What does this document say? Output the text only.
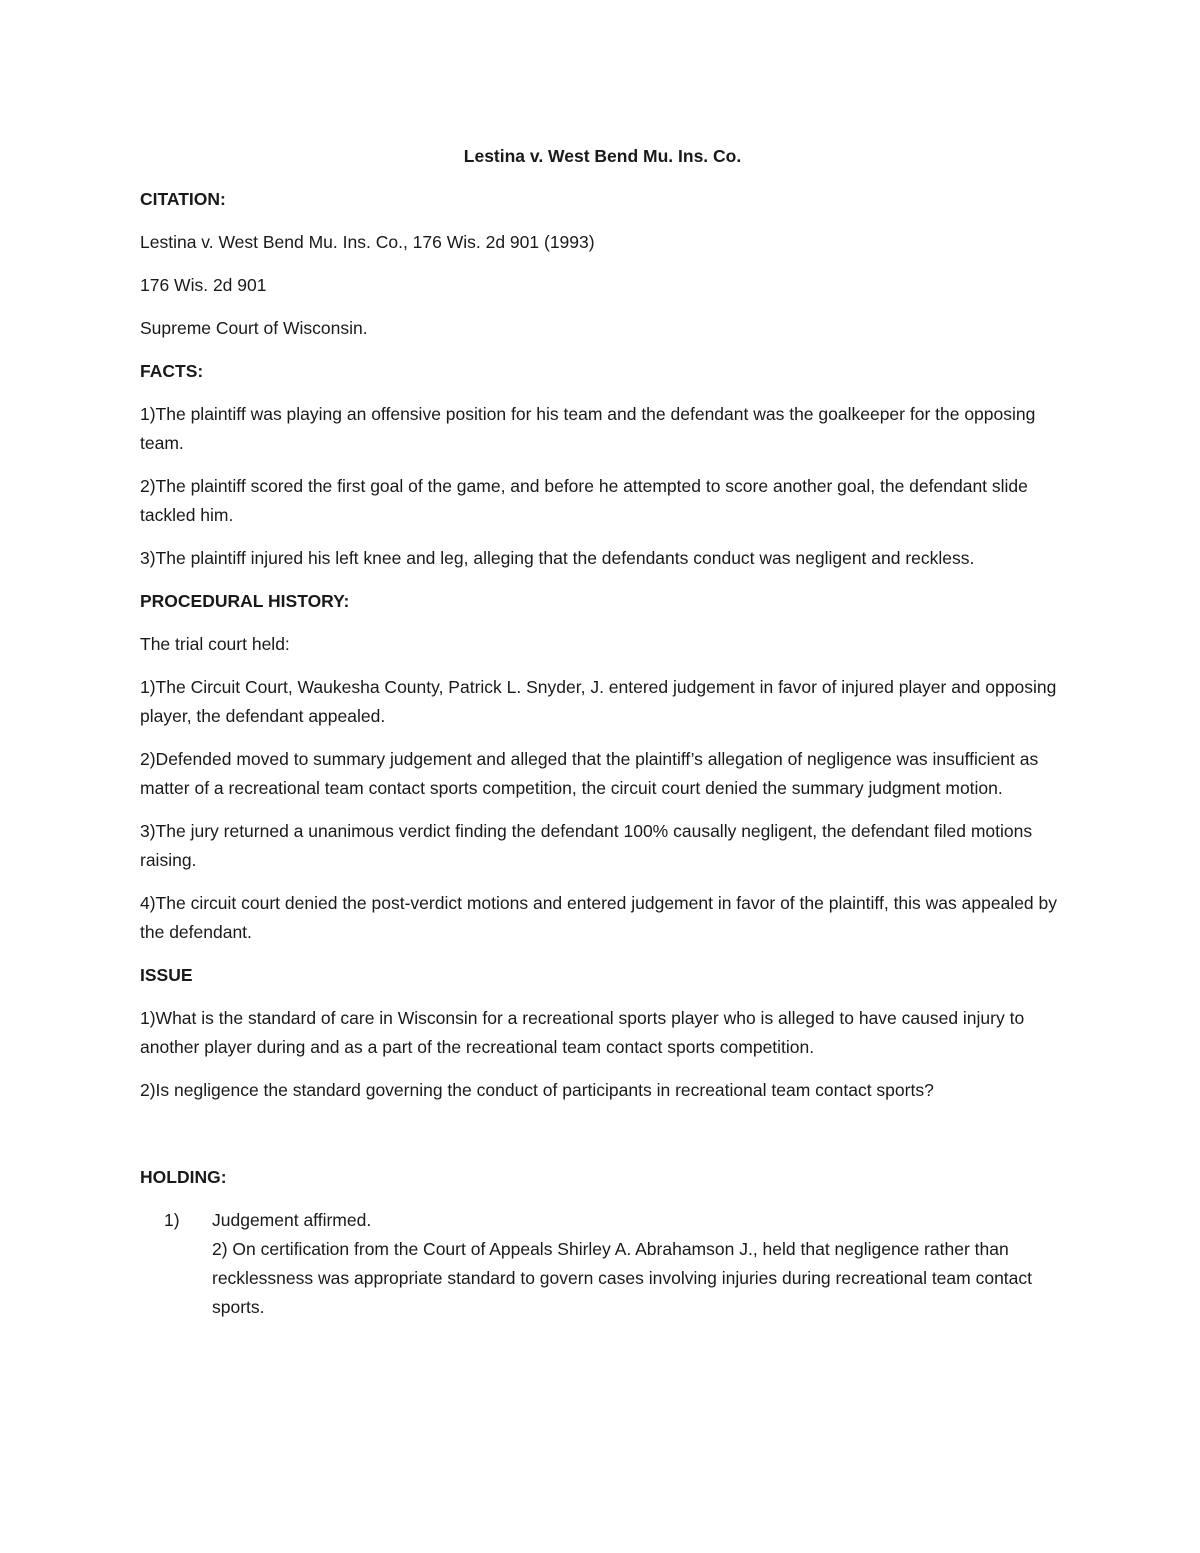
Lestina v. West Bend Mu. Ins. Co.
CITATION:
Lestina v. West Bend Mu. Ins. Co., 176 Wis. 2d 901 (1993)
176 Wis. 2d 901
Supreme Court of Wisconsin.
FACTS:
1)The plaintiff was playing an offensive position for his team and the defendant was the goalkeeper for the opposing team.
2)The plaintiff scored the first goal of the game, and before he attempted to score another goal, the defendant slide tackled him.
3)The plaintiff injured his left knee and leg, alleging that the defendants conduct was negligent and reckless.
PROCEDURAL HISTORY:
The trial court held:
1)The Circuit Court, Waukesha County, Patrick L. Snyder, J. entered judgement in favor of injured player and opposing player, the defendant appealed.
2)Defended moved to summary judgement and alleged that the plaintiff’s allegation of negligence was insufficient as matter of a recreational team contact sports competition, the circuit court denied the summary judgment motion.
3)The jury returned a unanimous verdict finding the defendant 100% causally negligent, the defendant filed motions raising.
4)The circuit court denied the post-verdict motions and entered judgement in favor of the plaintiff, this was appealed by the defendant.
ISSUE
1)What is the standard of care in Wisconsin for a recreational sports player who is alleged to have caused injury to another player during and as a part of the recreational team contact sports competition.
2)Is negligence the standard governing the conduct of participants in recreational team contact sports?
HOLDING:
1) Judgement affirmed.
2) On certification from the Court of Appeals Shirley A. Abrahamson J., held that negligence rather than recklessness was appropriate standard to govern cases involving injuries during recreational team contact sports.
